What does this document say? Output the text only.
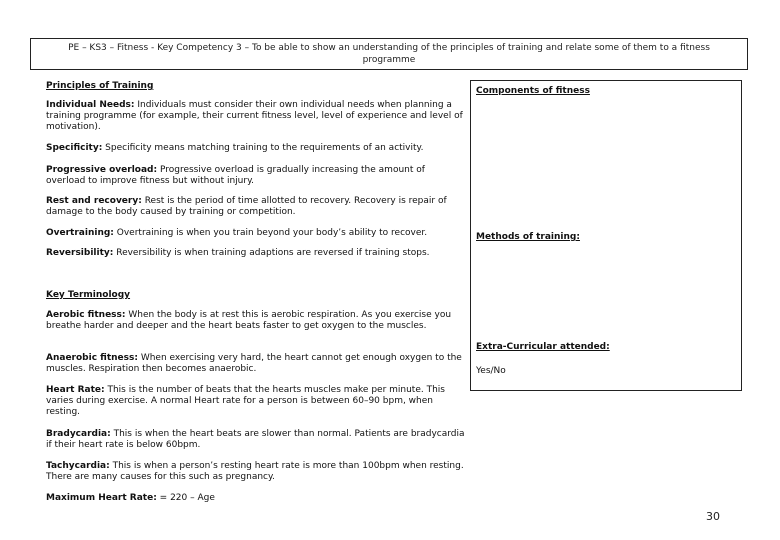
PE – KS3 – Fitness - Key Competency 3 – To be able to show an understanding of the principles of training and relate some of them to a fitness
programme
Principles of Training

Individual Needs: Individuals must consider their own individual needs when planning a training programme (for example, their current fitness level, level of experience and level of motivation).

Specificity: Specificity means matching training to the requirements of an activity.

Progressive overload: Progressive overload is gradually increasing the amount of overload to improve fitness but without injury.

Rest and recovery: Rest is the period of time allotted to recovery. Recovery is repair of damage to the body caused by training or competition.

Overtraining: Overtraining is when you train beyond your body’s ability to recover.

Reversibility: Reversibility is when training adaptions are reversed if training stops.

Key Terminology

Aerobic fitness: When the body is at rest this is aerobic respiration. As you exercise you breathe harder and deeper and the heart beats faster to get oxygen to the muscles.

Anaerobic fitness: When exercising very hard, the heart cannot get enough oxygen to the muscles. Respiration then becomes anaerobic.

Heart Rate: This is the number of beats that the hearts muscles make per minute. This varies during exercise. A normal Heart rate for a person is between 60–90 bpm, when resting.

Bradycardia: This is when the heart beats are slower than normal. Patients are bradycardia if their heart rate is below 60bpm.

Tachycardia: This is when a person’s resting heart rate is more than 100bpm when resting. There are many causes for this such as pregnancy.

Maximum Heart Rate: = 220 – Age

Components of fitness
Methods of training:
Extra-Curricular attended:
Yes/No
30
